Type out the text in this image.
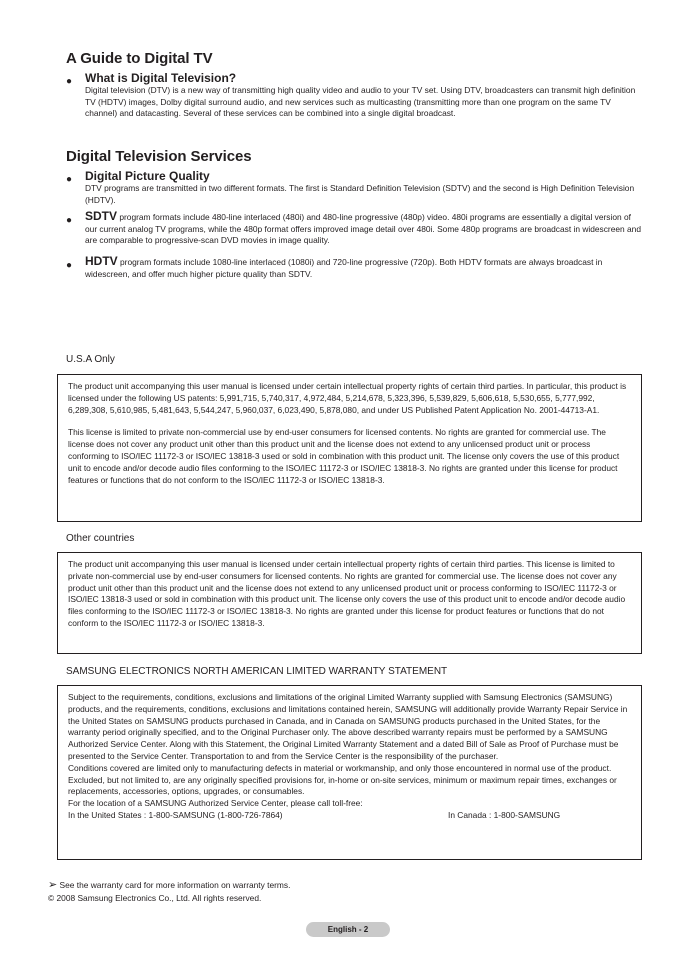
A Guide to Digital TV
● What is Digital Television?
Digital television (DTV) is a new way of transmitting high quality video and audio to your TV set. Using DTV, broadcasters can transmit high definition TV (HDTV) images, Dolby digital surround audio, and new services such as multicasting (transmitting more than one program on the same TV channel) and datacasting. Several of these services can be combined into a single digital broadcast.
Digital Television Services
● Digital Picture Quality
DTV programs are transmitted in two different formats. The first is Standard Definition Television (SDTV) and the second is High Definition Television (HDTV).
● SDTV program formats include 480-line interlaced (480i) and 480-line progressive (480p) video. 480i programs are essentially a digital version of our current analog TV programs, while the 480p format offers improved image detail over 480i. Some 480p programs are broadcast in widescreen and are comparable to progressive-scan DVD movies in image quality.
● HDTV program formats include 1080-line interlaced (1080i) and 720-line progressive (720p). Both HDTV formats are always broadcast in widescreen, and offer much higher picture quality than SDTV.
U.S.A Only

The product unit accompanying this user manual is licensed under certain intellectual property rights of certain third parties. In particular, this product is licensed under the following US patents: 5,991,715, 5,740,317, 4,972,484, 5,214,678, 5,323,396, 5,539,829, 5,606,618, 5,530,655, 5,777,992, 6,289,308, 5,610,985, 5,481,643, 5,544,247, 5,960,037, 6,023,490, 5,878,080, and under US Published Patent Application No. 2001-44713-A1.

This license is limited to private non-commercial use by end-user consumers for licensed contents. No rights are granted for commercial use. The license does not cover any product unit other than this product unit and the license does not extend to any unlicensed product unit or process conforming to ISO/IEC 11172-3 or ISO/IEC 13818-3 used or sold in combination with this product unit. The license only covers the use of this product unit to encode and/or decode audio files conforming to the ISO/IEC 11172-3 or ISO/IEC 13818-3. No rights are granted under this license for product features or functions that do not conform to the ISO/IEC 11172-3 or ISO/IEC 13818-3.

Other countries

The product unit accompanying this user manual is licensed under certain intellectual property rights of certain third parties. This license is limited to private non-commercial use by end-user consumers for licensed contents. No rights are granted for commercial use. The license does not cover any product unit other than this product unit and the license does not extend to any unlicensed product unit or process conforming to ISO/IEC 11172-3 or ISO/IEC 13818-3 used or sold in combination with this product unit. The license only covers the use of this product unit to encode and/or decode audio files conforming to the ISO/IEC 11172-3 or ISO/IEC 13818-3. No rights are granted under this license for product features or functions that do not conform to the ISO/IEC 11172-3 or ISO/IEC 13818-3.

SAMSUNG ELECTRONICS NORTH AMERICAN LIMITED WARRANTY STATEMENT
Subject to the requirements, conditions, exclusions and limitations of the original Limited Warranty supplied with Samsung Electronics (SAMSUNG) products, and the requirements, conditions, exclusions and limitations contained herein, SAMSUNG will additionally provide Warranty Repair Service in the United States on SAMSUNG products purchased in Canada, and in Canada on SAMSUNG products purchased in the United States, for the warranty period originally specified, and to the Original Purchaser only. The above described warranty repairs must be performed by a SAMSUNG Authorized Service Center. Along with this Statement, the Original Limited Warranty Statement and a dated Bill of Sale as Proof of Purchase must be presented to the Service Center. Transportation to and from the Service Center is the responsibility of the purchaser.
Conditions covered are limited only to manufacturing defects in material or workmanship, and only those encountered in normal use of the product.
Excluded, but not limited to, are any originally specified provisions for, in-home or on-site services, minimum or maximum repair times, exchanges or replacements, accessories, options, upgrades, or consumables.
For the location of a SAMSUNG Authorized Service Center, please call toll-free:
In the United States : 1-800-SAMSUNG (1-800-726-7864)	In Canada : 1-800-SAMSUNG
➢ See the warranty card for more information on warranty terms.
© 2008 Samsung Electronics Co., Ltd. All rights reserved.
English - 2
